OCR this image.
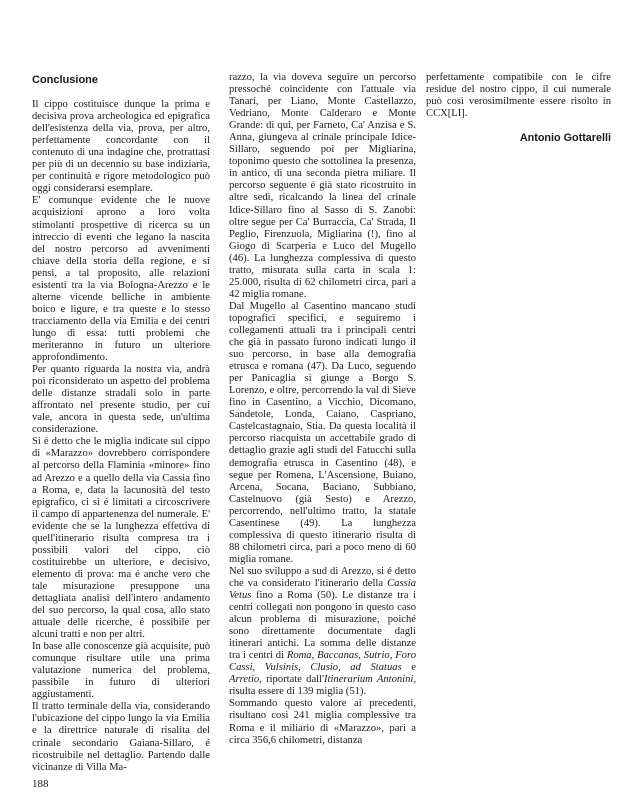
Conclusione

Il cippo costituisce dunque la prima e decisiva prova archeologica ed epigrafica dell'esistenza della via, prova, per altro, perfettamente concordante con il contenuto di una indagine che, protrattasi per più di un decennio su base indiziaria, per continuità e rigore metodologico può oggi considerarsi esemplare.

E' comunque evidente che le nuove acquisizioni aprono a loro volta stimolanti prospettive di ricerca su un intreccio di eventi che legano la nascita del nostro percorso ad avvenimenti chiave della storia della regione, e si pensi, a tal proposito, alle relazioni esistenti tra la via Bologna-Arezzo e le alterne vicende belliche in ambiente boico e ligure, e tra queste e lo stesso tracciamento della via Emilia e dei centri lungo di essa: tutti problemi che meriteranno in futuro un ulteriore approfondimento.

Per quanto riguarda la nostra via, andrà poi riconsiderato un aspetto del problema delle distanze stradali solo in parte affrontato nel presente studio, per cui vale, ancora in questa sede, un'ultima considerazione.

Si é detto che le miglia indicate sul cippo di «Marazzo» dovrebbero corrispondere al percorso della Flaminia «minore» fino ad Arezzo e a quello della via Cassia fino a Roma, e, data la lacunosità del testo epigrafico, ci si é limitati a circoscrivere il campo di appartenenza del numerale. E' evidente che se la lunghezza effettiva di quell'itinerario risulta compresa tra i possibili valori del cippo, ciò costituirebbe un ulteriore, e decisivo, elemento di prova: ma é anche vero che tale misurazione presuppone una dettagliata analisi dell'intero andamento del suo percorso, la qual cosa, allo stato attuale delle ricerche, é possibile per alcuni tratti e non per altri.

In base alle conoscenze già acquisite, può comunque risultare utile una prima valutazione numerica del problema, passibile in futuro di ulteriori aggiustamenti.

Il tratto terminale della via, considerando l'ubicazione del cippo lungo la via Emilia e la direttrice naturale di risalita del crinale secondario Gaiana-Sillaro, é ricostruibile nel dettaglio. Partendo dalle vicinanze di Villa Ma-

razzo, la via doveva seguire un percorso pressoché coincidente con l'attuale via Tanari, per Liano, Monte Castellazzo, Vedriano, Monte Calderaro e Monte Grande: di qui, per Farneto, Ca' Anzisa e S. Anna, giungeva al crinale principale Idice-Sillaro, seguendo poi per Migliarina, toponimo questo che sottolinea la presenza, in antico, di una seconda pietra miliare. Il percorso seguente é già stato ricostruito in altre sedi, ricalcando la linea del crinale Idice-Sillaro fino al Sasso di S. Zanobi: oltre segue per Ca' Burraccia, Ca' Strada, Il Peglio, Firenzuola, Migliarina (!), fino al Giogo di Scarperia e Luco del Mugello (46). La lunghezza complessiva di questo tratto, misurata sulla carta in scala 1: 25.000, risulta di 62 chilometri circa, pari a 42 miglia romane.

Dal Mugello al Casentino mancano studi topografici specifici, e seguiremo i collegamenti attuali tra i principali centri che già in passato furono indicati lungo il suo percorso, in base alla demografia etrusca e romana (47). Da Luco, seguendo per Panicaglia si giunge a Borgo S. Lorenzo, e oltre, percorrendo la val di Sieve fino in Casentino, a Vicchio, Dicomano, Sandetole, Londa, Caiano, Caspriano, Castelcastagnaio, Stia. Da questa località il percorso riacquista un accettabile grado di dettaglio grazie agli studi del Fatucchi sulla demografia etrusca in Casentino (48), e segue per Romena, L'Ascensione, Buiano, Arcena, Socana, Baciano, Subbiano, Castelnuovo (già Sesto) e Arezzo, percorrendo, nell'ultimo tratto, la statale Casentinese (49). La lunghezza complessiva di questo itinerario risulta di 88 chilometri circa, pari a poco meno di 60 miglia romane.

Nel suo sviluppo a sud di Arezzo, si é detto che va considerato l'itinerario della Cassia Vetus fino a Roma (50). Le distanze tra i centri collegati non pongono in questo caso alcun problema di misurazione, poiché sono direttamente documentate dagli itinerari antichi. La somma delle distanze tra i centri di Roma, Baccanas, Sutrio, Foro Cassi, Vulsinis, Clusio, ad Statuas e Arretio, riportate dall'Itinerarium Antonini, risulta essere di 139 miglia (51).

Sommando questo valore ai precedenti, risultano così 241 miglia complessive tra Roma e il miliario di «Marazzo», pari a circa 356,6 chilometri, distanza

perfettamente compatibile con le cifre residue del nostro cippo, il cui numerale può così verosimilmente essere risolto in CCX[LI].

Antonio Gottarelli
188
